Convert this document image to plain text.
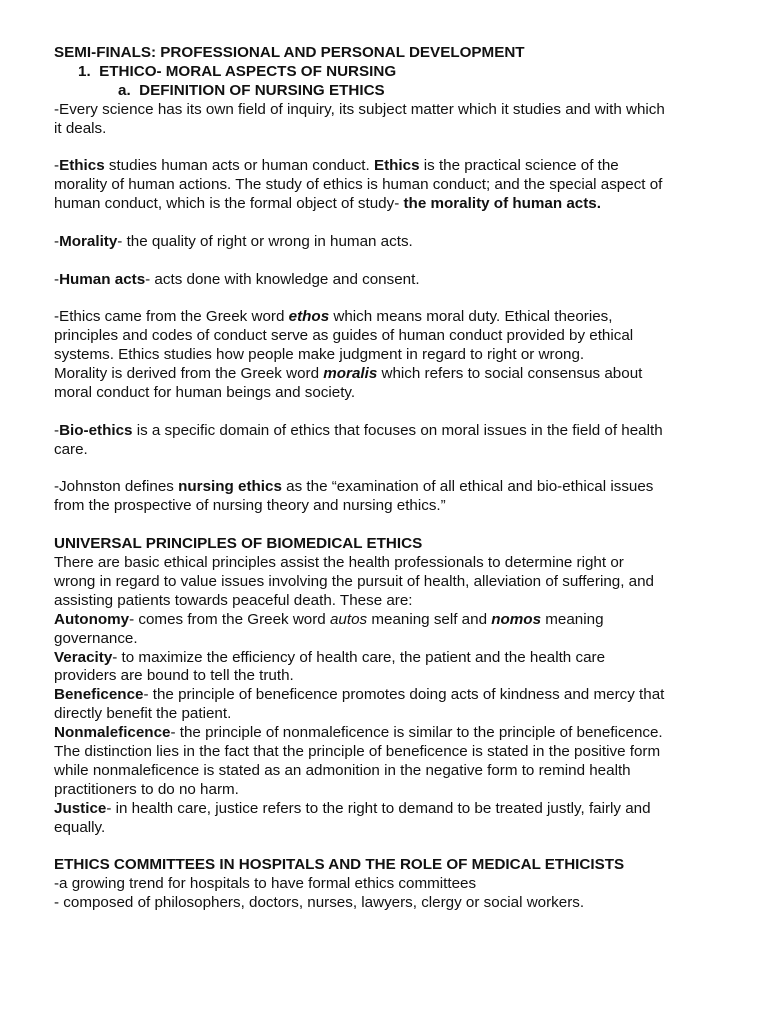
SEMI-FINALS: PROFESSIONAL AND PERSONAL DEVELOPMENT
1. ETHICO- MORAL ASPECTS OF NURSING
a. DEFINITION OF NURSING ETHICS
-Every science has its own field of inquiry, its subject matter which it studies and with which
it deals.
-Ethics studies human acts or human conduct. Ethics is the practical science of the
morality of human actions. The study of ethics is human conduct; and the special aspect of
human conduct, which is the formal object of study- the morality of human acts.
-Morality- the quality of right or wrong in human acts.
-Human acts- acts done with knowledge and consent.
-Ethics came from the Greek word ethos which means moral duty. Ethical theories,
principles and codes of conduct serve as guides of human conduct provided by ethical
systems. Ethics studies how people make judgment in regard to right or wrong.
Morality is derived from the Greek word moralis which refers to social consensus about
moral conduct for human beings and society.
-Bio-ethics is a specific domain of ethics that focuses on moral issues in the field of health
care.
-Johnston defines nursing ethics as the “examination of all ethical and bio-ethical issues
from the prospective of nursing theory and nursing ethics.”
UNIVERSAL PRINCIPLES OF BIOMEDICAL ETHICS
There are basic ethical principles assist the health professionals to determine right or
wrong in regard to value issues involving the pursuit of health, alleviation of suffering, and
assisting patients towards peaceful death. These are:
Autonomy- comes from the Greek word autos meaning self and nomos meaning
governance.
Veracity- to maximize the efficiency of health care, the patient and the health care
providers are bound to tell the truth.
Beneficence- the principle of beneficence promotes doing acts of kindness and mercy that
directly benefit the patient.
Nonmaleficence- the principle of nonmaleficence is similar to the principle of beneficence.
The distinction lies in the fact that the principle of beneficence is stated in the positive form
while nonmaleficence is stated as an admonition in the negative form to remind health
practitioners to do no harm.
Justice- in health care, justice refers to the right to demand to be treated justly, fairly and
equally.
ETHICS COMMITTEES IN HOSPITALS AND THE ROLE OF MEDICAL ETHICISTS
-a growing trend for hospitals to have formal ethics committees
- composed of philosophers, doctors, nurses, lawyers, clergy or social workers.
